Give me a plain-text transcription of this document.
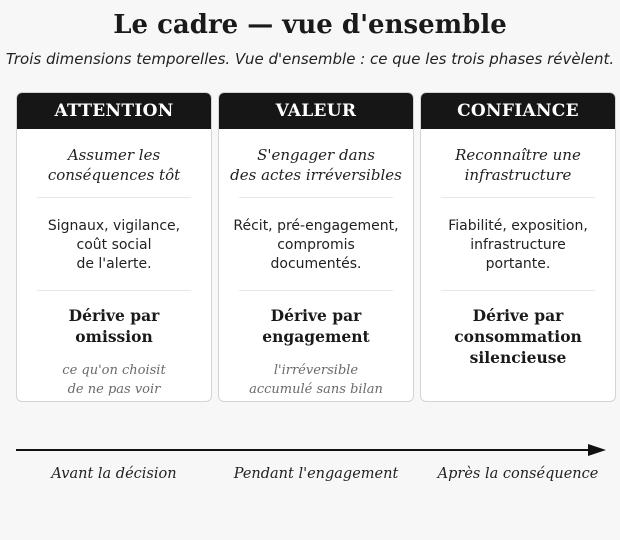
Le cadre — vue d'ensemble
Trois dimensions temporelles. Vue d'ensemble : ce que les trois phases révèlent.
ATTENTION
Assumer les
conséquences tôt
Signaux, vigilance,
coût social
de l'alerte.
Dérive par
omission
ce qu'on choisit
de ne pas voir
VALEUR
S'engager dans
des actes irréversibles
Récit, pré-engagement,
compromis
documentés.
Dérive par
engagement
l'irréversible
accumulé sans bilan
CONFIANCE
Reconnaître une
infrastructure
Fiabilité, exposition,
infrastructure
portante.
Dérive par
consommation
silencieuse
Avant la décision	Pendant l'engagement	Après la conséquence
